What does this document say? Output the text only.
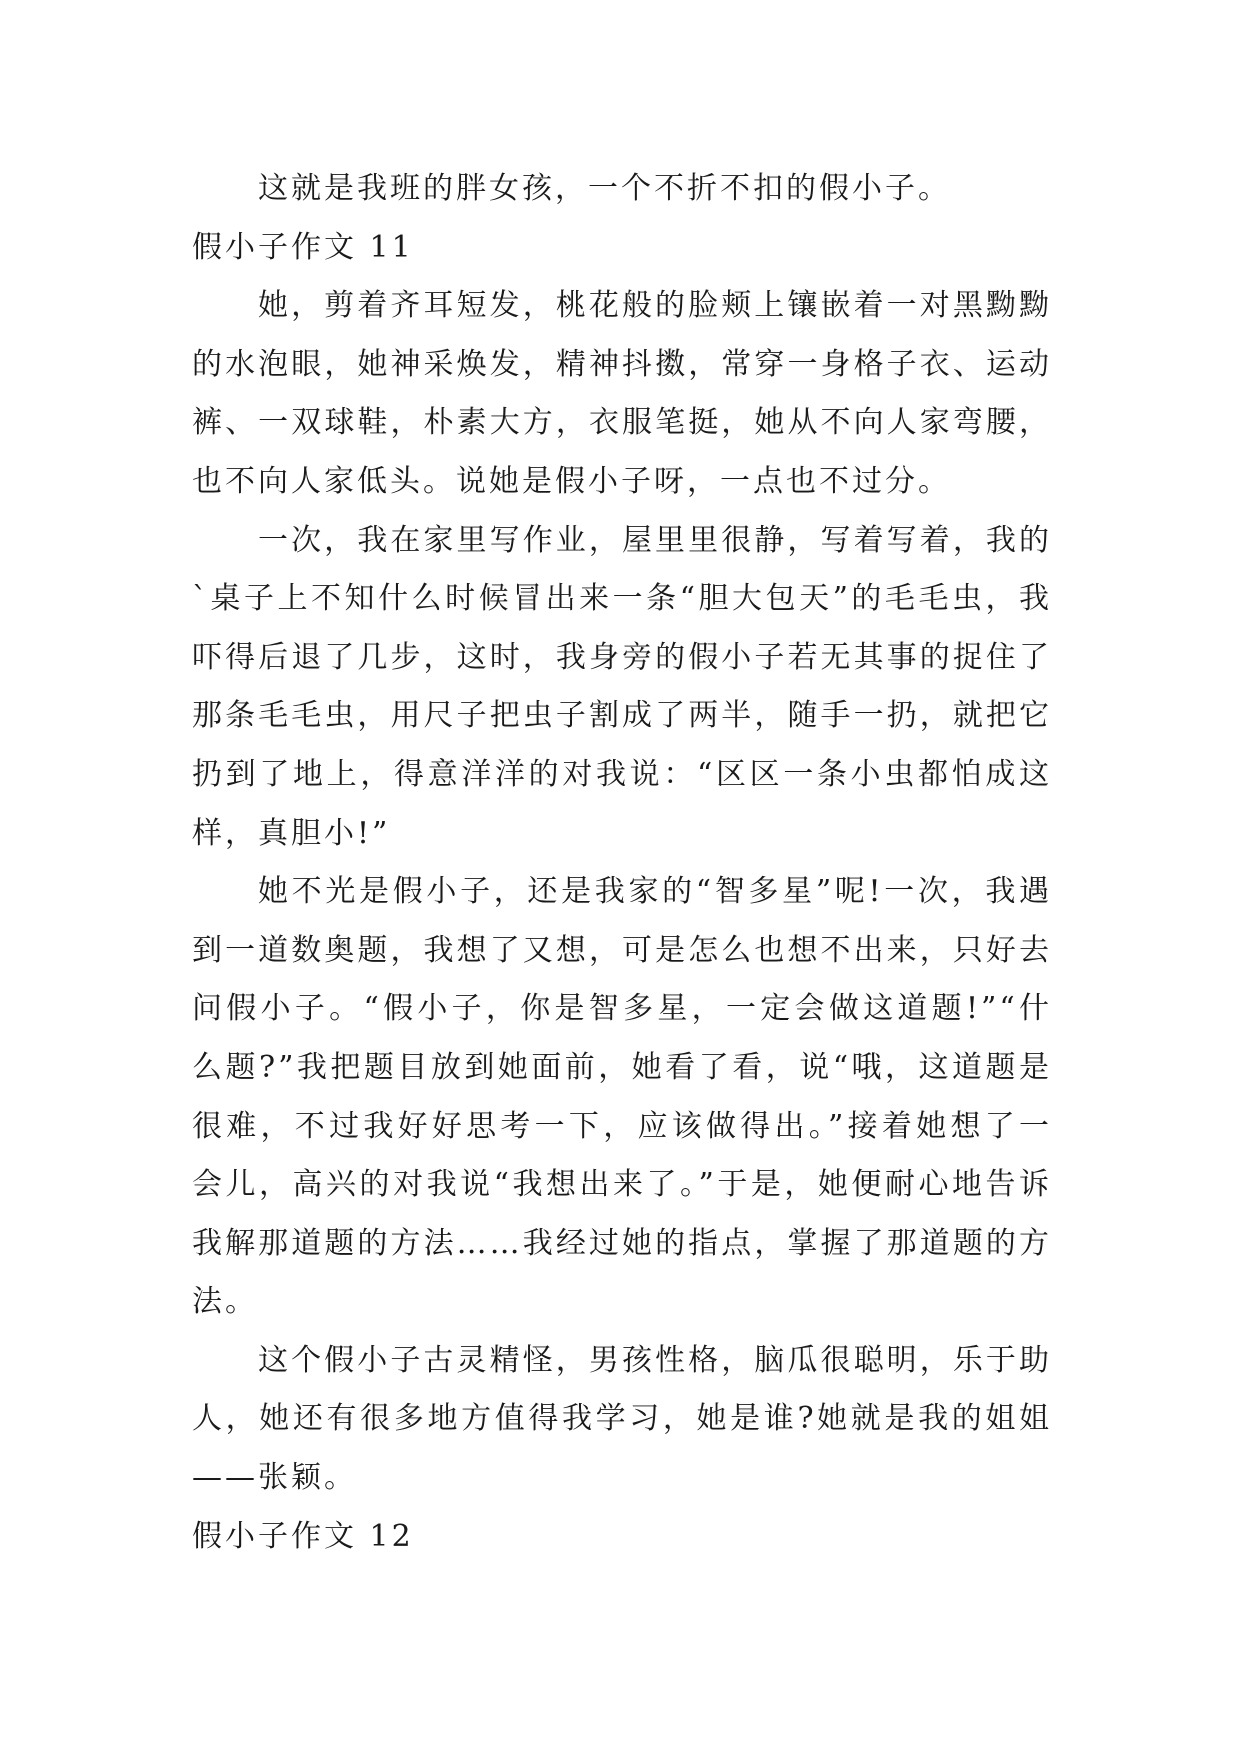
这就是我班的胖女孩，一个不折不扣的假小子。

假小子作文 11

她，剪着齐耳短发，桃花般的脸颊上镶嵌着一对黑黝黝的水泡眼，她神采焕发，精神抖擞，常穿一身格子衣、运动裤、一双球鞋，朴素大方，衣服笔挺，她从不向人家弯腰，也不向人家低头。说她是假小子呀，一点也不过分。

一次，我在家里写作业，屋里里很静，写着写着，我的`桌子上不知什么时候冒出来一条“胆大包天”的毛毛虫，我吓得后退了几步，这时，我身旁的假小子若无其事的捉住了那条毛毛虫，用尺子把虫子割成了两半，随手一扔，就把它扔到了地上，得意洋洋的对我说：“区区一条小虫都怕成这样，真胆小!”

她不光是假小子，还是我家的“智多星”呢!一次，我遇到一道数奥题，我想了又想，可是怎么也想不出来，只好去问假小子。“假小子，你是智多星，一定会做这道题!”“什么题?”我把题目放到她面前，她看了看，说“哦，这道题是很难，不过我好好思考一下，应该做得出。”接着她想了一会儿，高兴的对我说“我想出来了。”于是，她便耐心地告诉我解那道题的方法……我经过她的指点，掌握了那道题的方法。

这个假小子古灵精怪，男孩性格，脑瓜很聪明，乐于助人，她还有很多地方值得我学习，她是谁?她就是我的姐姐——张颖。

假小子作文 12
